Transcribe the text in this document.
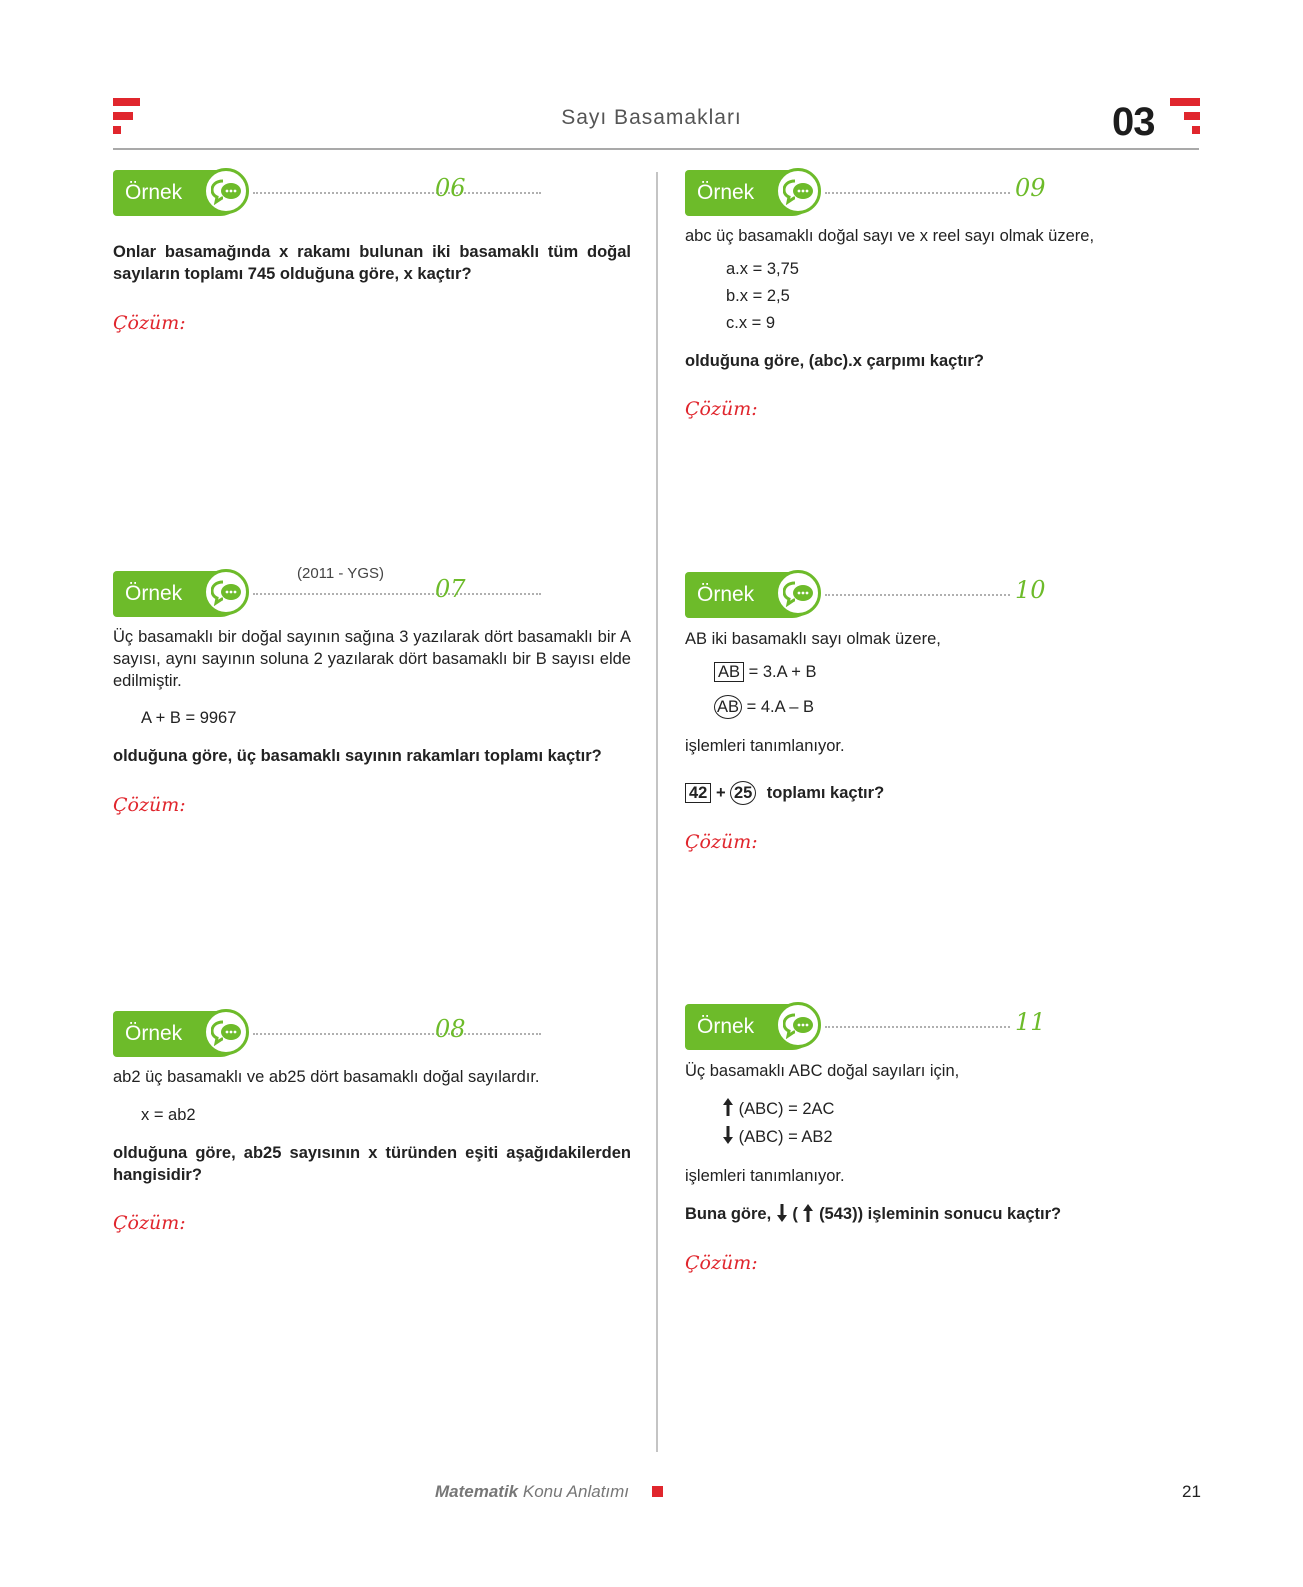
Sayı Basamakları	03
Örnek	06
Onlar basamağında x rakamı bulunan iki basamaklı tüm doğal sayıların toplamı 745 olduğuna göre, x kaçtır?
Çözüm:
Örnek
(2011 - YGS)
07
Üç basamaklı bir doğal sayının sağına 3 yazılarak dört basamaklı bir A sayısı, aynı sayının soluna 2 yazılarak dört basamaklı bir B sayısı elde edilmiştir.
A + B = 9967
olduğuna göre, üç basamaklı sayının rakamları toplamı kaçtır?
Çözüm:
Örnek	08
ab2 üç basamaklı ve ab25 dört basamaklı doğal sayılardır.
x = ab2
olduğuna göre, ab25 sayısının x türünden eşiti aşağıdakilerden hangisidir?
Çözüm:
Örnek	09
abc üç basamaklı doğal sayı ve x reel sayı olmak üzere,
a.x = 3,75
b.x = 2,5
c.x = 9
olduğuna göre, (abc).x çarpımı kaçtır?
Çözüm:
Örnek	10
AB iki basamaklı sayı olmak üzere,
AB = 3.A + B
AB = 4.A – B
işlemleri tanımlanıyor.
42 + 25 toplamı kaçtır?
Çözüm:
Örnek	11
Üç basamaklı ABC doğal sayıları için,
(ABC) = 2AC
(ABC) = AB2
işlemleri tanımlanıyor.
Buna göre, ( (543)) işleminin sonucu kaçtır?
Çözüm:
Matematik Konu Anlatımı	21
